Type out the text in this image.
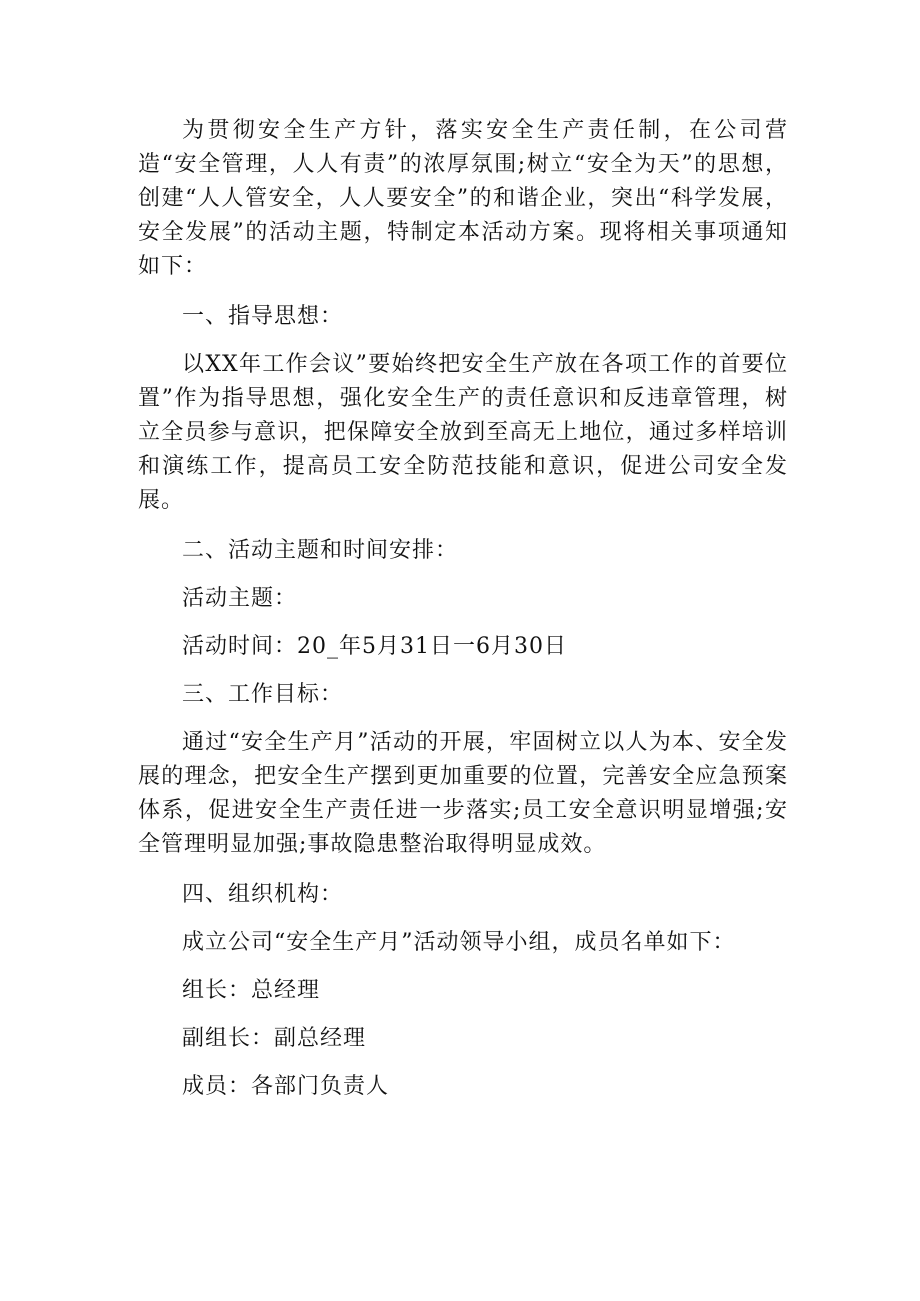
为贯彻安全生产方针，落实安全生产责任制，在公司营造“安全管理，人人有责”的浓厚氛围;树立“安全为天”的思想，创建“人人管安全，人人要安全”的和谐企业，突出“科学发展，安全发展”的活动主题，特制定本活动方案。现将相关事项通知如下：

一、指导思想：

以XX年工作会议”要始终把安全生产放在各项工作的首要位置”作为指导思想，强化安全生产的责任意识和反违章管理，树立全员参与意识，把保障安全放到至高无上地位，通过多样培训和演练工作，提高员工安全防范技能和意识，促进公司安全发展。

二、活动主题和时间安排：

活动主题：

活动时间：20_年5月31日一6月30日

三、工作目标：

通过“安全生产月”活动的开展，牢固树立以人为本、安全发展的理念，把安全生产摆到更加重要的位置，完善安全应急预案体系，促进安全生产责任进一步落实;员工安全意识明显增强;安全管理明显加强;事故隐患整治取得明显成效。

四、组织机构：

成立公司“安全生产月”活动领导小组，成员名单如下：

组长：总经理

副组长：副总经理

成员：各部门负责人
